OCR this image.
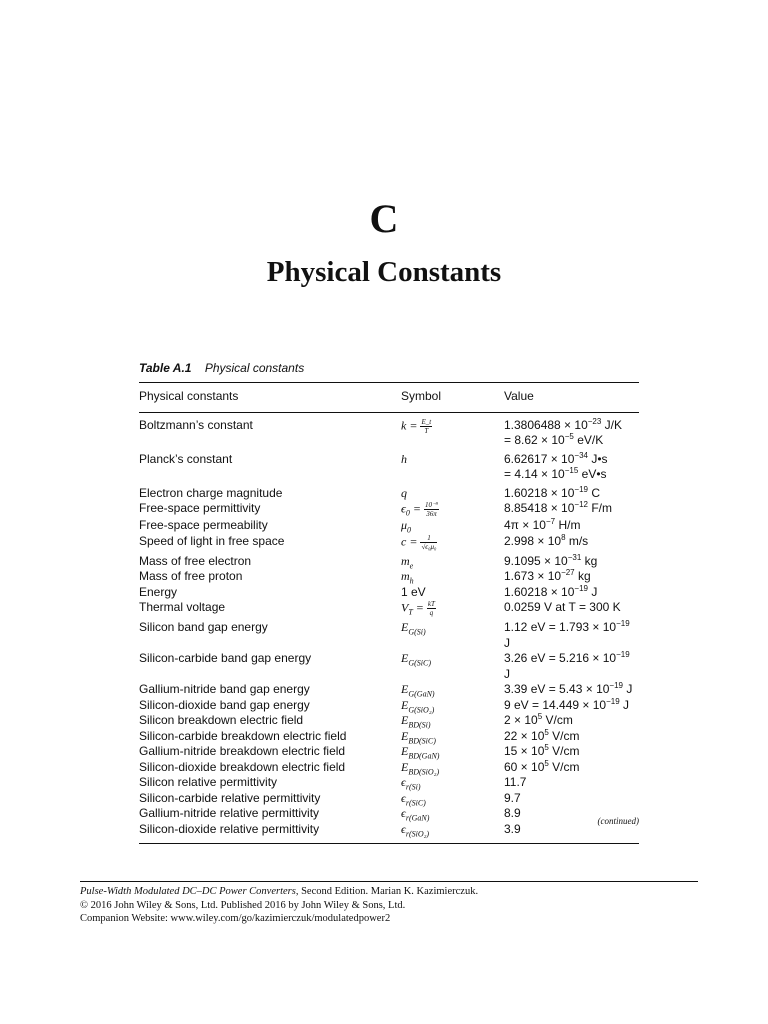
C
Physical Constants
Table A.1 Physical constants
Physical constants	Symbol	Value
Boltzmann’s constant	$k = \frac{E\_t}{T}$	$1.3806488 \times 10^{-23}$ J/K
= $8.62 \times 10^{-5}$ eV/K
Planck’s constant	h	$6.62617 \times 10^{-34}$ J•s
= $4.14 \times 10^{-15}$ eV•s
Electron charge magnitude	q	$1.60218 \times 10^{-19}$ C
Free-space permittivity	$\epsilon_0 = \frac{\text{10⁻⁹}}{36\pi}$	$8.85418 \times 10^{-12}$ F/m
Free-space permeability	$\mu_0$	$4\pi \times 10^{-7}$ H/m
Speed of light in free space	$c = \frac{1}{\text{√ϵ₀μ₀}}$	$2.998 \times 10^8$ m/s
Mass of free electron	$m_e$	$9.1095 \times 10^{-31}$ kg
Mass of free proton	$m_h$	$1.673 \times 10^{-27}$ kg
Energy	1 eV	$1.60218 \times 10^{-19}$ J
Thermal voltage	$V_T = \frac{kT}{q}$	0.0259 V at T = 300 K
Silicon band gap energy	$E_{G(Si)}$	1.12 eV = $1.793 \times 10^{-19}$ J
Silicon-carbide band gap energy	$E_{G(SiC)}$	3.26 eV = $5.216 \times 10^{-19}$ J
Gallium-nitride band gap energy	$E_{G(GaN)}$	3.39 eV = $5.43 \times 10^{-19}$ J
Silicon-dioxide band gap energy	$E_{G(SiO_2)}$	9 eV = $14.449 \times 10^{-19}$ J
Silicon breakdown electric field	$E_{BD(Si)}$	$2 \times 10^5$ V/cm
Silicon-carbide breakdown electric field	$E_{BD(SiC)}$	$22 \times 10^5$ V/cm
Gallium-nitride breakdown electric field	$E_{BD(GaN)}$	$15 \times 10^5$ V/cm
Silicon-dioxide breakdown electric field	$E_{BD(SiO_2)}$	$60 \times 10^5$ V/cm
Silicon relative permittivity	$\epsilon_{r(Si)}$	11.7
Silicon-carbide relative permittivity	$\epsilon_{r(SiC)}$	9.7
Gallium-nitride relative permittivity	$\epsilon_{r(GaN)}$	8.9
Silicon-dioxide relative permittivity	$\epsilon_{r(SiO_2)}$	3.9
(continued)
Pulse-Width Modulated DC–DC Power Converters, Second Edition. Marian K. Kazimierczuk.
© 2016 John Wiley & Sons, Ltd. Published 2016 by John Wiley & Sons, Ltd.
Companion Website: www.wiley.com/go/kazimierczuk/modulatedpower2
